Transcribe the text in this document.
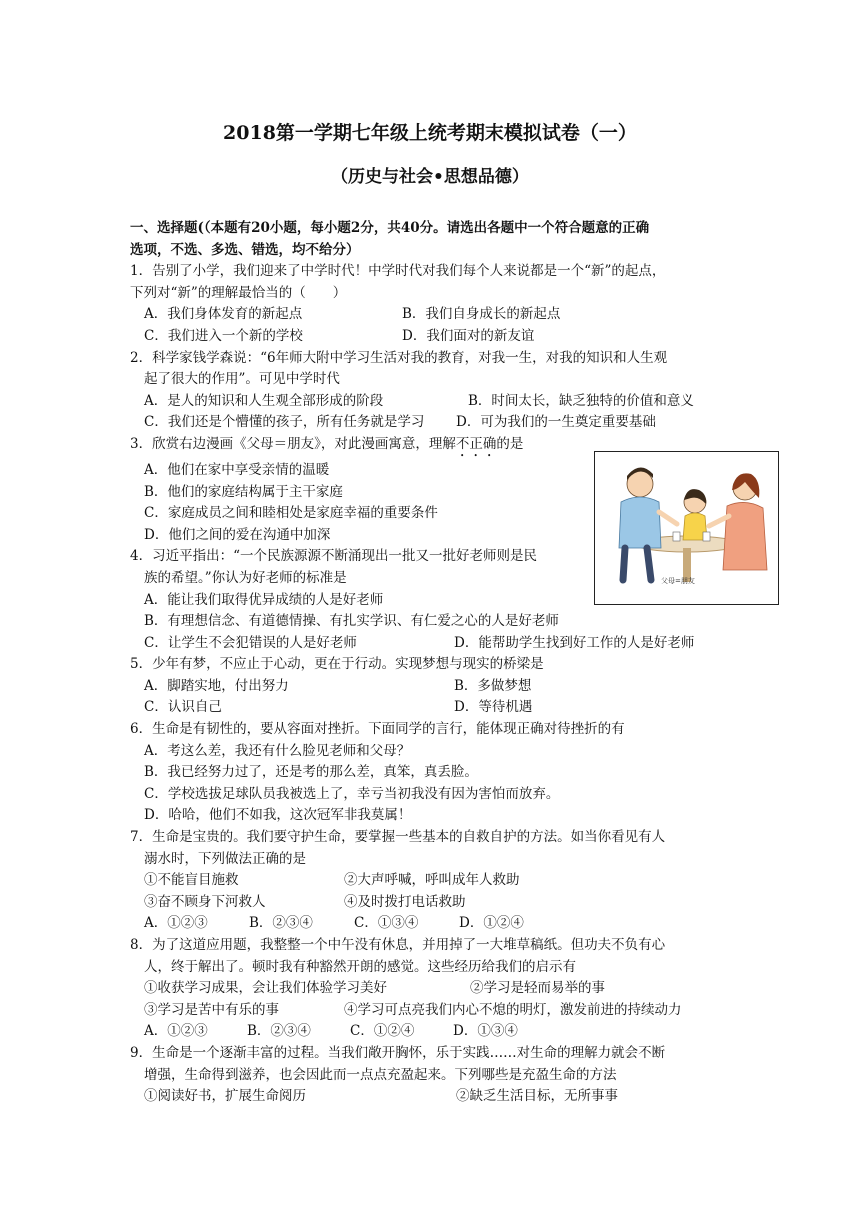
2018第一学期七年级上统考期末模拟试卷（一）
（历史与社会•思想品德）

一、选择题(（本题有20小题，每小题2分，共40分。请选出各题中一个符合题意的正确

选项，不选、多选、错选，均不给分）

1．告别了小学，我们迎来了中学时代！中学时代对我们每个人来说都是一个“新”的起点，

下列对“新”的理解最恰当的（　　）

A．我们身体发育的新起点	B．我们自身成长的新起点
C．我们进入一个新的学校	D．我们面对的新友谊

2．科学家钱学森说：“6年师大附中学习生活对我的教育，对我一生，对我的知识和人生观

起了很大的作用”。可见中学时代

A．是人的知识和人生观全部形成的阶段	B．时间太长，缺乏独特的价值和意义
C．我们还是个懵懂的孩子，所有任务就是学习	D．可为我们的一生奠定重要基础

3．欣赏右边漫画《父母＝朋友》，对此漫画寓意，理解不正确的是

A．他们在家中享受亲情的温暖

B．他们的家庭结构属于主干家庭

C．家庭成员之间和睦相处是家庭幸福的重要条件

D．他们之间的爱在沟通中加深

4．习近平指出：“一个民族源源不断涌现出一批又一批好老师则是民

族的希望。”你认为好老师的标准是

A．能让我们取得优异成绩的人是好老师

B．有理想信念、有道德情操、有扎实学识、有仁爱之心的人是好老师

C．让学生不会犯错误的人是好老师	D．能帮助学生找到好工作的人是好老师

5．少年有梦，不应止于心动，更在于行动。实现梦想与现实的桥梁是

A．脚踏实地，付出努力	B．多做梦想
C．认识自己	D．等待机遇

6．生命是有韧性的，要从容面对挫折。下面同学的言行，能体现正确对待挫折的有

A．考这么差，我还有什么脸见老师和父母？

B．我已经努力过了，还是考的那么差，真笨，真丢脸。

C．学校选拔足球队员我被选上了，幸亏当初我没有因为害怕而放弃。

D．哈哈，他们不如我，这次冠军非我莫属！

7．生命是宝贵的。我们要守护生命，要掌握一些基本的自救自护的方法。如当你看见有人

溺水时，下列做法正确的是

①不能盲目施救	②大声呼喊，呼叫成年人救助
③奋不顾身下河救人	④及时拨打电话救助
A．①②③	B．②③④	C．①③④	D．①②④

8．为了这道应用题，我整整一个中午没有休息，并用掉了一大堆草稿纸。但功夫不负有心

人，终于解出了。顿时我有种豁然开朗的感觉。这些经历给我们的启示有

①收获学习成果，会让我们体验学习美好	②学习是轻而易举的事
③学习是苦中有乐的事	④学习可点亮我们内心不熄的明灯，激发前进的持续动力
A．①②③	B．②③④	C．①②④	D．①③④

9．生命是一个逐渐丰富的过程。当我们敞开胸怀，乐于实践……对生命的理解力就会不断

增强，生命得到滋养，也会因此而一点点充盈起来。下列哪些是充盈生命的方法

①阅读好书，扩展生命阅历	②缺乏生活目标，无所事事
父母=朋友
